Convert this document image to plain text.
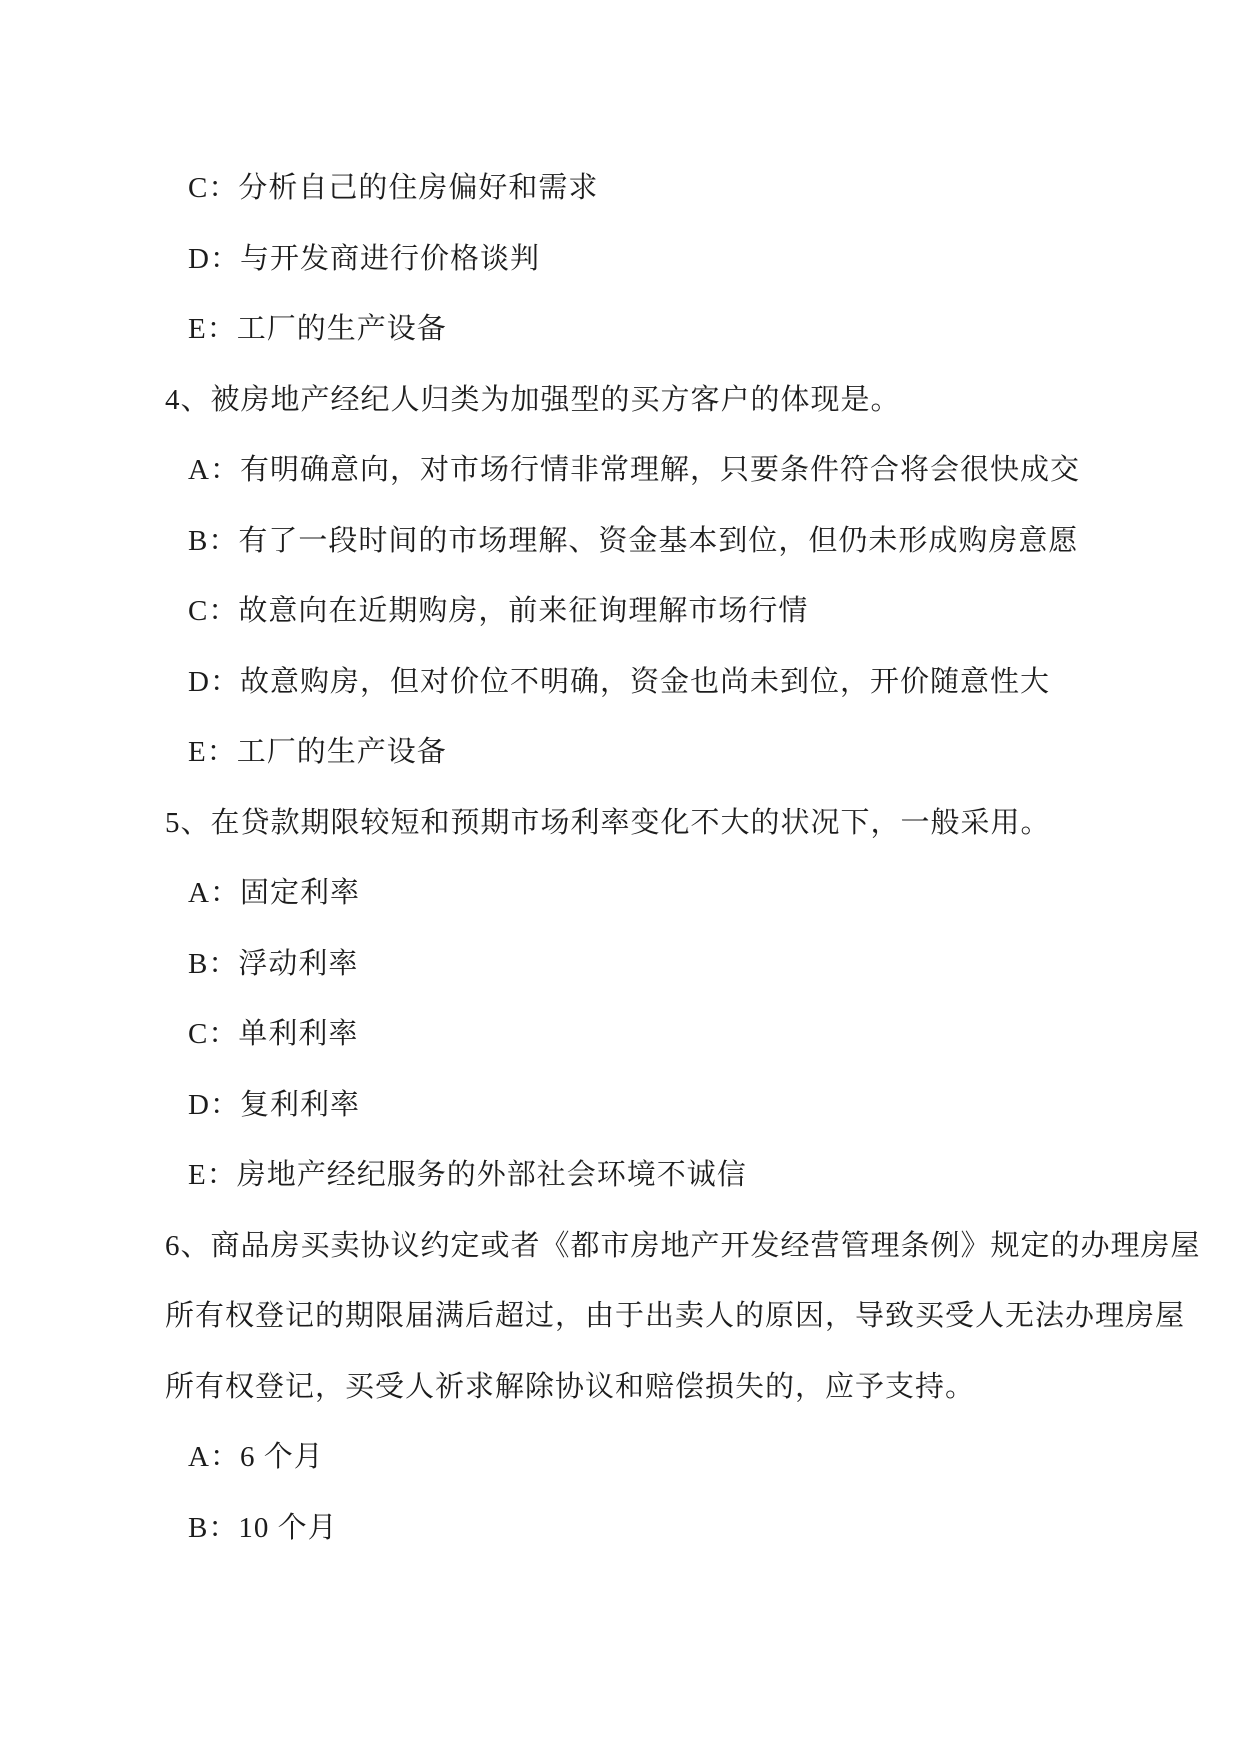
C：分析自己的住房偏好和需求
D：与开发商进行价格谈判
E：工厂的生产设备
4、被房地产经纪人归类为加强型的买方客户的体现是。
A：有明确意向，对市场行情非常理解，只要条件符合将会很快成交
B：有了一段时间的市场理解、资金基本到位，但仍未形成购房意愿
C：故意向在近期购房，前来征询理解市场行情
D：故意购房，但对价位不明确，资金也尚未到位，开价随意性大
E：工厂的生产设备
5、在贷款期限较短和预期市场利率变化不大的状况下，一般采用。
A：固定利率
B：浮动利率
C：单利利率
D：复利利率
E：房地产经纪服务的外部社会环境不诚信
6、商品房买卖协议约定或者《都市房地产开发经营管理条例》规定的办理房屋
所有权登记的期限届满后超过，由于出卖人的原因，导致买受人无法办理房屋
所有权登记，买受人祈求解除协议和赔偿损失的，应予支持。
A：6 个月
B：10 个月
